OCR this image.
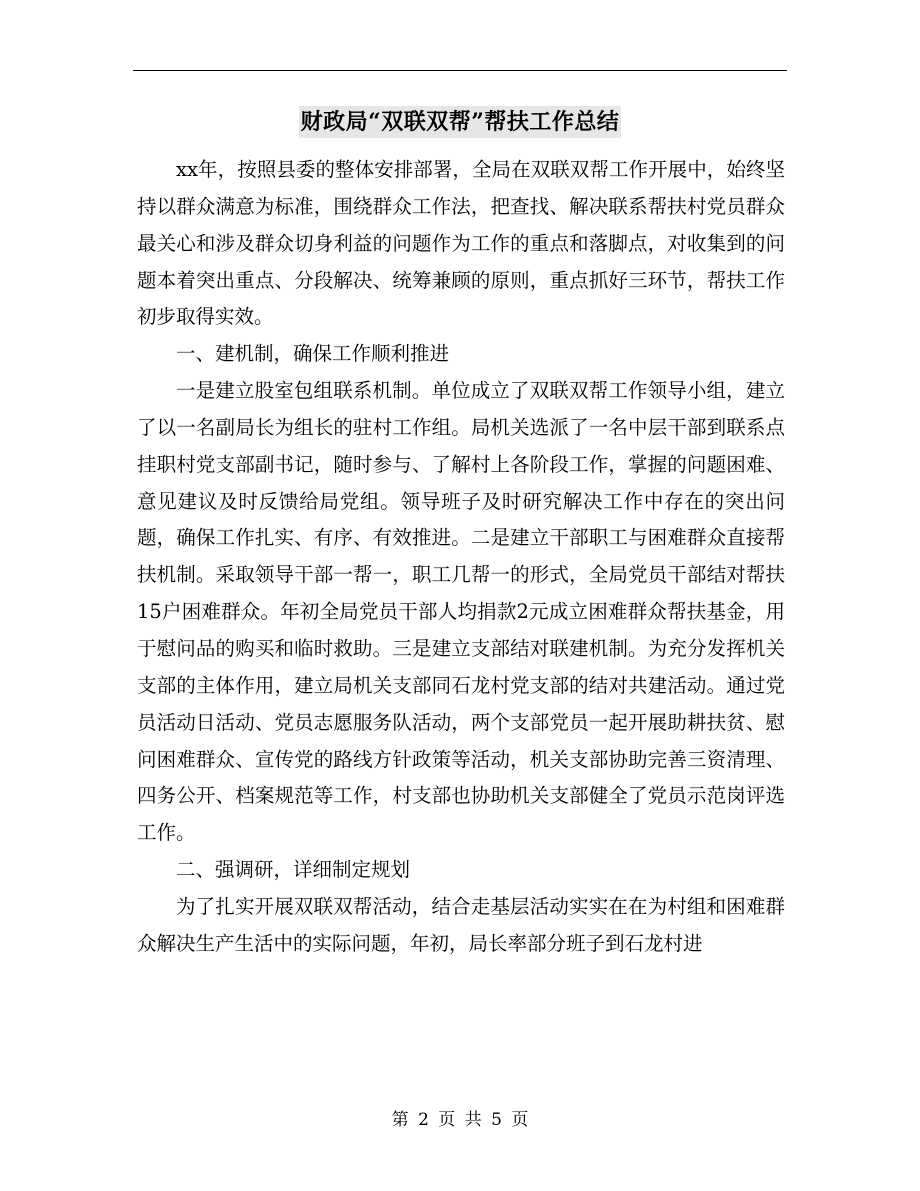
财政局“双联双帮”帮扶工作总结

xx年，按照县委的整体安排部署，全局在双联双帮工作开展中，始终坚持以群众满意为标准，围绕群众工作法，把查找、解决联系帮扶村党员群众最关心和涉及群众切身利益的问题作为工作的重点和落脚点，对收集到的问题本着突出重点、分段解决、统筹兼顾的原则，重点抓好三环节，帮扶工作初步取得实效。

一、建机制，确保工作顺利推进

一是建立股室包组联系机制。单位成立了双联双帮工作领导小组，建立了以一名副局长为组长的驻村工作组。局机关选派了一名中层干部到联系点挂职村党支部副书记，随时参与、了解村上各阶段工作，掌握的问题困难、意见建议及时反馈给局党组。领导班子及时研究解决工作中存在的突出问题，确保工作扎实、有序、有效推进。二是建立干部职工与困难群众直接帮扶机制。采取领导干部一帮一，职工几帮一的形式，全局党员干部结对帮扶15户困难群众。年初全局党员干部人均捐款2元成立困难群众帮扶基金，用于慰问品的购买和临时救助。三是建立支部结对联建机制。为充分发挥机关支部的主体作用，建立局机关支部同石龙村党支部的结对共建活动。通过党员活动日活动、党员志愿服务队活动，两个支部党员一起开展助耕扶贫、慰问困难群众、宣传党的路线方针政策等活动，机关支部协助完善三资清理、四务公开、档案规范等工作，村支部也协助机关支部健全了党员示范岗评选工作。

二、强调研，详细制定规划

为了扎实开展双联双帮活动，结合走基层活动实实在在为村组和困难群众解决生产生活中的实际问题，年初，局长率部分班子到石龙村进

第 2 页 共 5 页
